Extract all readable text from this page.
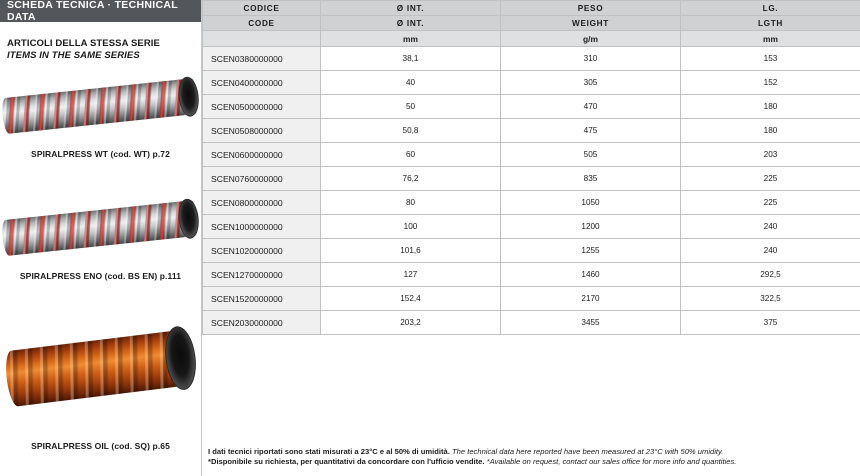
SCHEDA TECNICA · TECHNICAL DATA
ARTICOLI DELLA STESSA SERIE
ITEMS IN THE SAME SERIES
SPIRALPRESS WT (cod. WT) p.72
SPIRALPRESS ENO (cod. BS EN) p.111
SPIRALPRESS OIL (cod. SQ) p.65
CODICE	Ø INT.	PESO	LG.
CODE	Ø INT.	WEIGHT	LGTH
	mm	g/m	mm
SCEN0380000000	38,1	310	153
SCEN0400000000	40	305	152
SCEN0500000000	50	470	180
SCEN0508000000	50,8	475	180
SCEN0600000000	60	505	203
SCEN0760000000	76,2	835	225
SCEN0800000000	80	1050	225
SCEN1000000000	100	1200	240
SCEN1020000000	101,6	1255	240
SCEN1270000000	127	1460	292,5
SCEN1520000000	152,4	2170	322,5
SCEN2030000000	203,2	3455	375
I dati tecnici riportati sono stati misurati a 23°C e al 50% di umidità. The technical data here reported have been measured at 23°C with 50% umidity.
*Disponibile su richiesta, per quantitativi da concordare con l'ufficio vendite. *Available on request, contact our sales office for more info and quantities.
